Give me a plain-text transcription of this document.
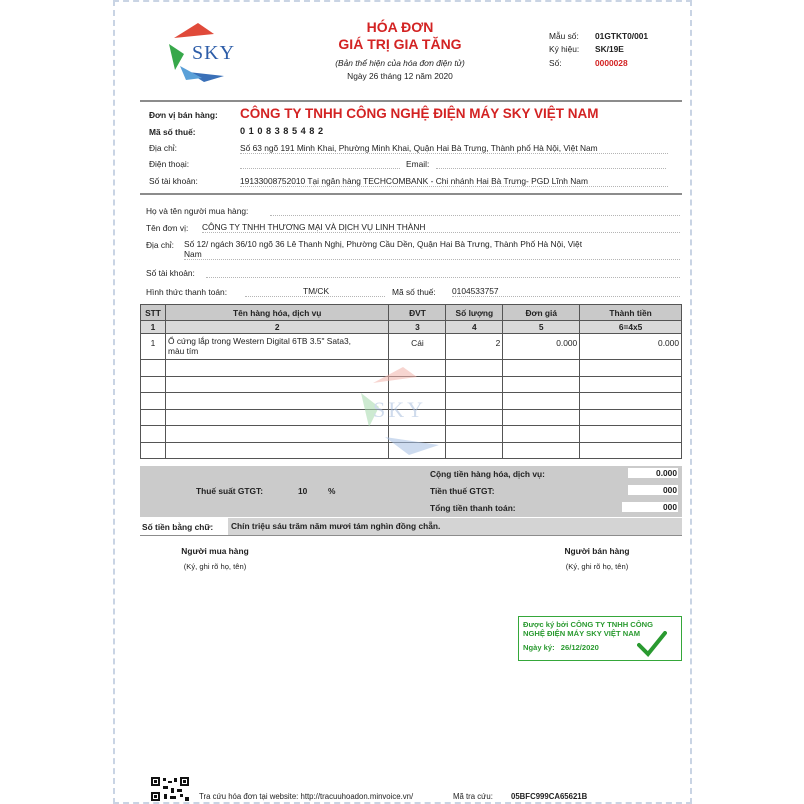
SKY
HÓA ĐƠN
GIÁ TRỊ GIA TĂNG
(Bản thể hiện của hóa đơn điện tử)
Ngày 26 tháng 12 năm 2020
Mẫu số: 01GTKT0/001
Ký hiệu: SK/19E
Số:	0000028
Đơn vị bán hàng: CÔNG TY TNHH CÔNG NGHỆ ĐIỆN MÁY SKY VIỆT NAM
Mã số thuế:	0 1 0 8 3 8 5 4 8 2
Địa chỉ:	Số 63 ngõ 191 Minh Khai, Phường Minh Khai, Quận Hai Bà Trưng, Thành phố Hà Nội, Việt Nam
Điện thoại:	Email:
Số tài khoản:	19133008752010 Tại ngân hàng TECHCOMBANK - Chi nhánh Hai Bà Trưng- PGD Lĩnh Nam
Họ và tên người mua hàng:
Tên đơn vị: CÔNG TY TNHH THƯƠNG MẠI VÀ DỊCH VỤ LINH THÀNH
Địa chỉ: Số 12/ ngách 36/10 ngõ 36 Lê Thanh Nghị, Phường Cầu Dền, Quận Hai Bà Trưng, Thành Phố Hà Nội, Việt
Nam
Số tài khoản:
Hình thức thanh toán:	TM/CK	Mã số thuế: 0104533757
STT	Tên hàng hóa, dịch vụ	ĐVT	Số lượng	Đơn giá	Thành tiền
1	2	3	4	5	6=4x5
1	Ổ cứng lắp trong Western Digital 6TB 3.5" Sata3,
màu tím	Cái	2	0.000	0.000

SKY
Cộng tiền hàng hóa, dịch vụ:	0.000
Thuế suất GTGT:	10 %	Tiền thuế GTGT:	000
Tổng tiền thanh toán:	000
Số tiền bằng chữ:	Chín triệu sáu trăm năm mươi tám nghìn đồng chẵn.
Người mua hàng
(Ký, ghi rõ họ, tên)
Người bán hàng
(Ký, ghi rõ họ, tên)
Được ký bởi CÔNG TY TNHH CÔNG
NGHỆ ĐIỆN MÁY SKY VIỆT NAM
Ngày ký: 26/12/2020
Tra cứu hóa đơn tại website: http://tracuuhoadon.minvoice.vn/	Mã tra cứu: 05BFC999CA65621B
